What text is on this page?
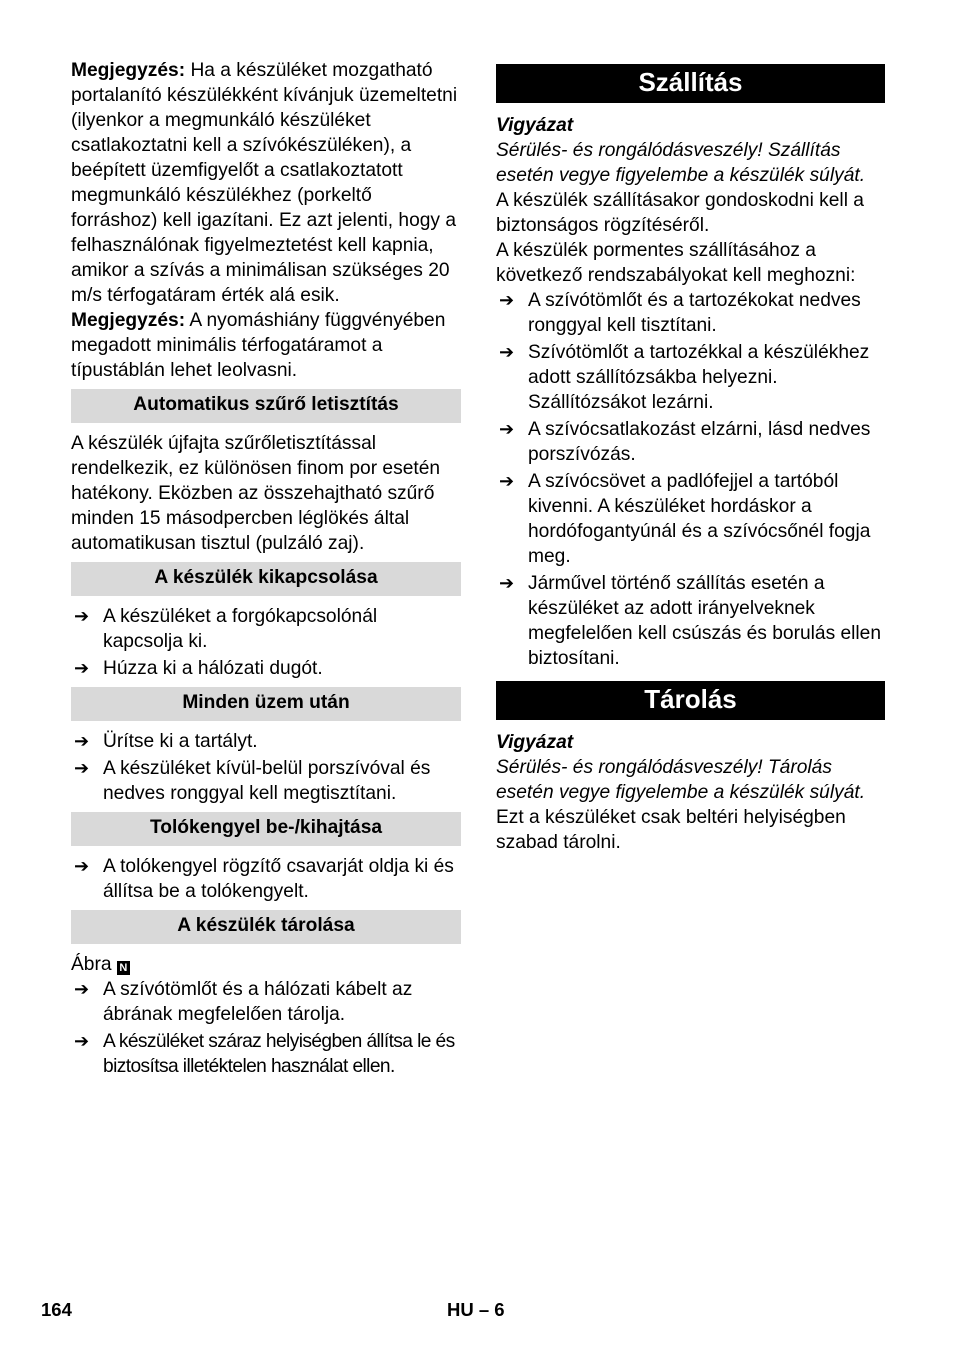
Megjegyzés: Ha a készüléket mozgatható portalanító készülékként kívánjuk üzemeltetni (ilyenkor a megmunkáló készüléket csatlakoztatni kell a szívókészüléken), a beépített üzemfigyelőt a csatlakoztatott megmunkáló készülékhez (porkeltő forráshoz) kell igazítani. Ez azt jelenti, hogy a felhasználónak figyelmeztetést kell kapnia, amikor a szívás a minimálisan szükséges 20 m/s térfogatáram érték alá esik.

Megjegyzés: A nyomáshiány függvényében megadott minimális térfogatáramot a típustáblán lehet leolvasni.

Automatikus szűrő letisztítás

A készülék újfajta szűrőletisztítással rendelkezik, ez különösen finom por esetén hatékony. Eközben az összehajtható szűrő minden 15 másodpercben léglökés által automatikusan tisztul (pulzáló zaj).

A készülék kikapcsolása
➔ A készüléket a forgókapcsolónál kapcsolja ki.
➔ Húzza ki a hálózati dugót.
Minden üzem után
➔ Ürítse ki a tartályt.
➔ A készüléket kívül-belül porszívóval és nedves ronggyal kell megtisztítani.
Tolókengyel be-/kihajtása
➔ A tolókengyel rögzítő csavarját oldja ki és állítsa be a tolókengyelt.
A készülék tárolása

Ábra N

➔ A szívótömlőt és a hálózati kábelt az ábrának megfelelően tárolja.
➔ A készüléket száraz helyiségben állítsa le és biztosítsa illetéktelen használat ellen.
Szállítás

Vigyázat

Sérülés- és rongálódásveszély! Szállítás esetén vegye figyelembe a készülék súlyát.

A készülék szállításakor gondoskodni kell a biztonságos rögzítéséről.

A készülék pormentes szállításához a következő rendszabályokat kell meghozni:

➔ A szívótömlőt és a tartozékokat nedves ronggyal kell tisztítani.
➔ Szívótömlőt a tartozékkal a készülékhez adott szállítózsákba helyezni. Szállítózsákot lezárni.
➔ A szívócsatlakozást elzárni, lásd nedves porszívózás.
➔ A szívócsövet a padlófejjel a tartóból kivenni. A készüléket hordáskor a hordófogantyúnál és a szívócsőnél fogja meg.
➔ Járművel történő szállítás esetén a készüléket az adott irányelveknek megfelelően kell csúszás és borulás ellen biztosítani.
Tárolás

Vigyázat

Sérülés- és rongálódásveszély! Tárolás esetén vegye figyelembe a készülék súlyát.

Ezt a készüléket csak beltéri helyiségben szabad tárolni.

164	HU – 6
